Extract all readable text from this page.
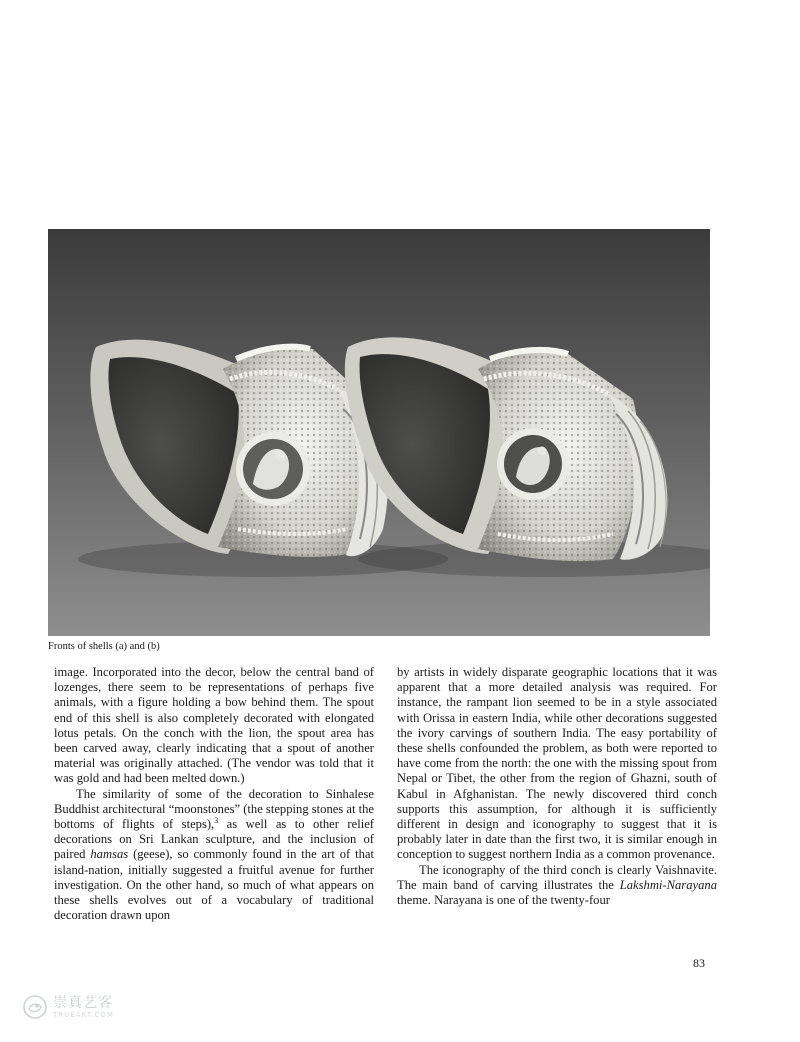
Fronts of shells (a) and (b)

image. Incorporated into the decor, below the central band of lozenges, there seem to be representations of perhaps five animals, with a figure holding a bow behind them. The spout end of this shell is also completely decorated with elongated lotus petals. On the conch with the lion, the spout area has been carved away, clearly indicating that a spout of another material was originally attached. (The vendor was told that it was gold and had been melted down.)

The similarity of some of the decoration to Sinhalese Buddhist architectural “moonstones” (the stepping stones at the bottoms of flights of steps),$^3$ as well as to other relief decorations on Sri Lankan sculpture, and the inclusion of paired hamsas (geese), so commonly found in the art of that island-nation, initially suggested a fruitful avenue for further investigation. On the other hand, so much of what appears on these shells evolves out of a vocabulary of traditional decoration drawn upon

by artists in widely disparate geographic locations that it was apparent that a more detailed analysis was required. For instance, the rampant lion seemed to be in a style associated with Orissa in eastern India, while other decorations suggested the ivory carvings of southern India. The easy portability of these shells confounded the problem, as both were reported to have come from the north: the one with the missing spout from Nepal or Tibet, the other from the region of Ghazni, south of Kabul in Afghanistan. The newly discovered third conch supports this assumption, for although it is sufficiently different in design and iconography to suggest that it is probably later in date than the first two, it is similar enough in conception to suggest northern India as a common provenance.

The iconography of the third conch is clearly Vaishnavite. The main band of carving illustrates the Lakshmi-Narayana theme. Narayana is one of the twenty-four

83
崇真艺客
TRUEART.COM
